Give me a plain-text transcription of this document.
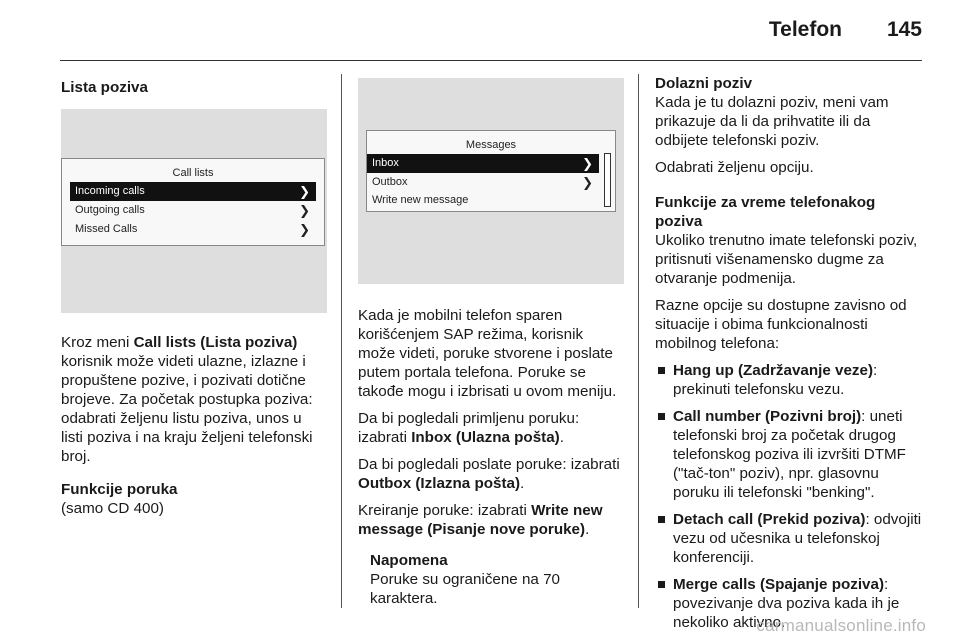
Telefon 145
Lista poziva
Call lists
Incoming calls	❯
Outgoing calls	❯
Missed Calls	❯

Kroz meni Call lists (Lista poziva) korisnik može videti ulazne, izlazne i propuštene pozive, i pozivati dotične brojeve. Za početak postupka poziva: odabrati željenu listu poziva, unos u listi poziva i na kraju željeni telefonski broj.

Funkcije poruka
(samo CD 400)
Messages
Inbox	❯
Outbox	❯
Write new message

Kada je mobilni telefon sparen korišćenjem SAP režima, korisnik može videti, poruke stvorene i poslate putem portala telefona. Poruke se takođe mogu i izbrisati u ovom meniju.

Da bi pogledali primljenu poruku: izabrati Inbox (Ulazna pošta).

Da bi pogledali poslate poruke: izabrati Outbox (Izlazna pošta).

Kreiranje poruke: izabrati Write new message (Pisanje nove poruke).

Napomena
Poruke su ograničene na 70 karaktera.
Dolazni poziv

Kada je tu dolazni poziv, meni vam prikazuje da li da prihvatite ili da odbijete telefonski poziv.

Odabrati željenu opciju.

Funkcije za vreme telefonakog poziva

Ukoliko trenutno imate telefonski poziv, pritisnuti višenamensko dugme za otvaranje podmenija.

Razne opcije su dostupne zavisno od situacije i obima funkcionalnosti mobilnog telefona:

Hang up (Zadržavanje veze): prekinuti telefonsku vezu.
Call number (Pozivni broj): uneti telefonski broj za početak drugog telefonskog poziva ili izvršiti DTMF ("tač-ton" poziv), npr. glasovnu poruku ili telefonski "benking".
Detach call (Prekid poziva): odvojiti vezu od učesnika u telefonskoj konferenciji.
Merge calls (Spajanje poziva): povezivanje dva poziva kada ih je nekoliko aktivno.
carmanualsonline.info
